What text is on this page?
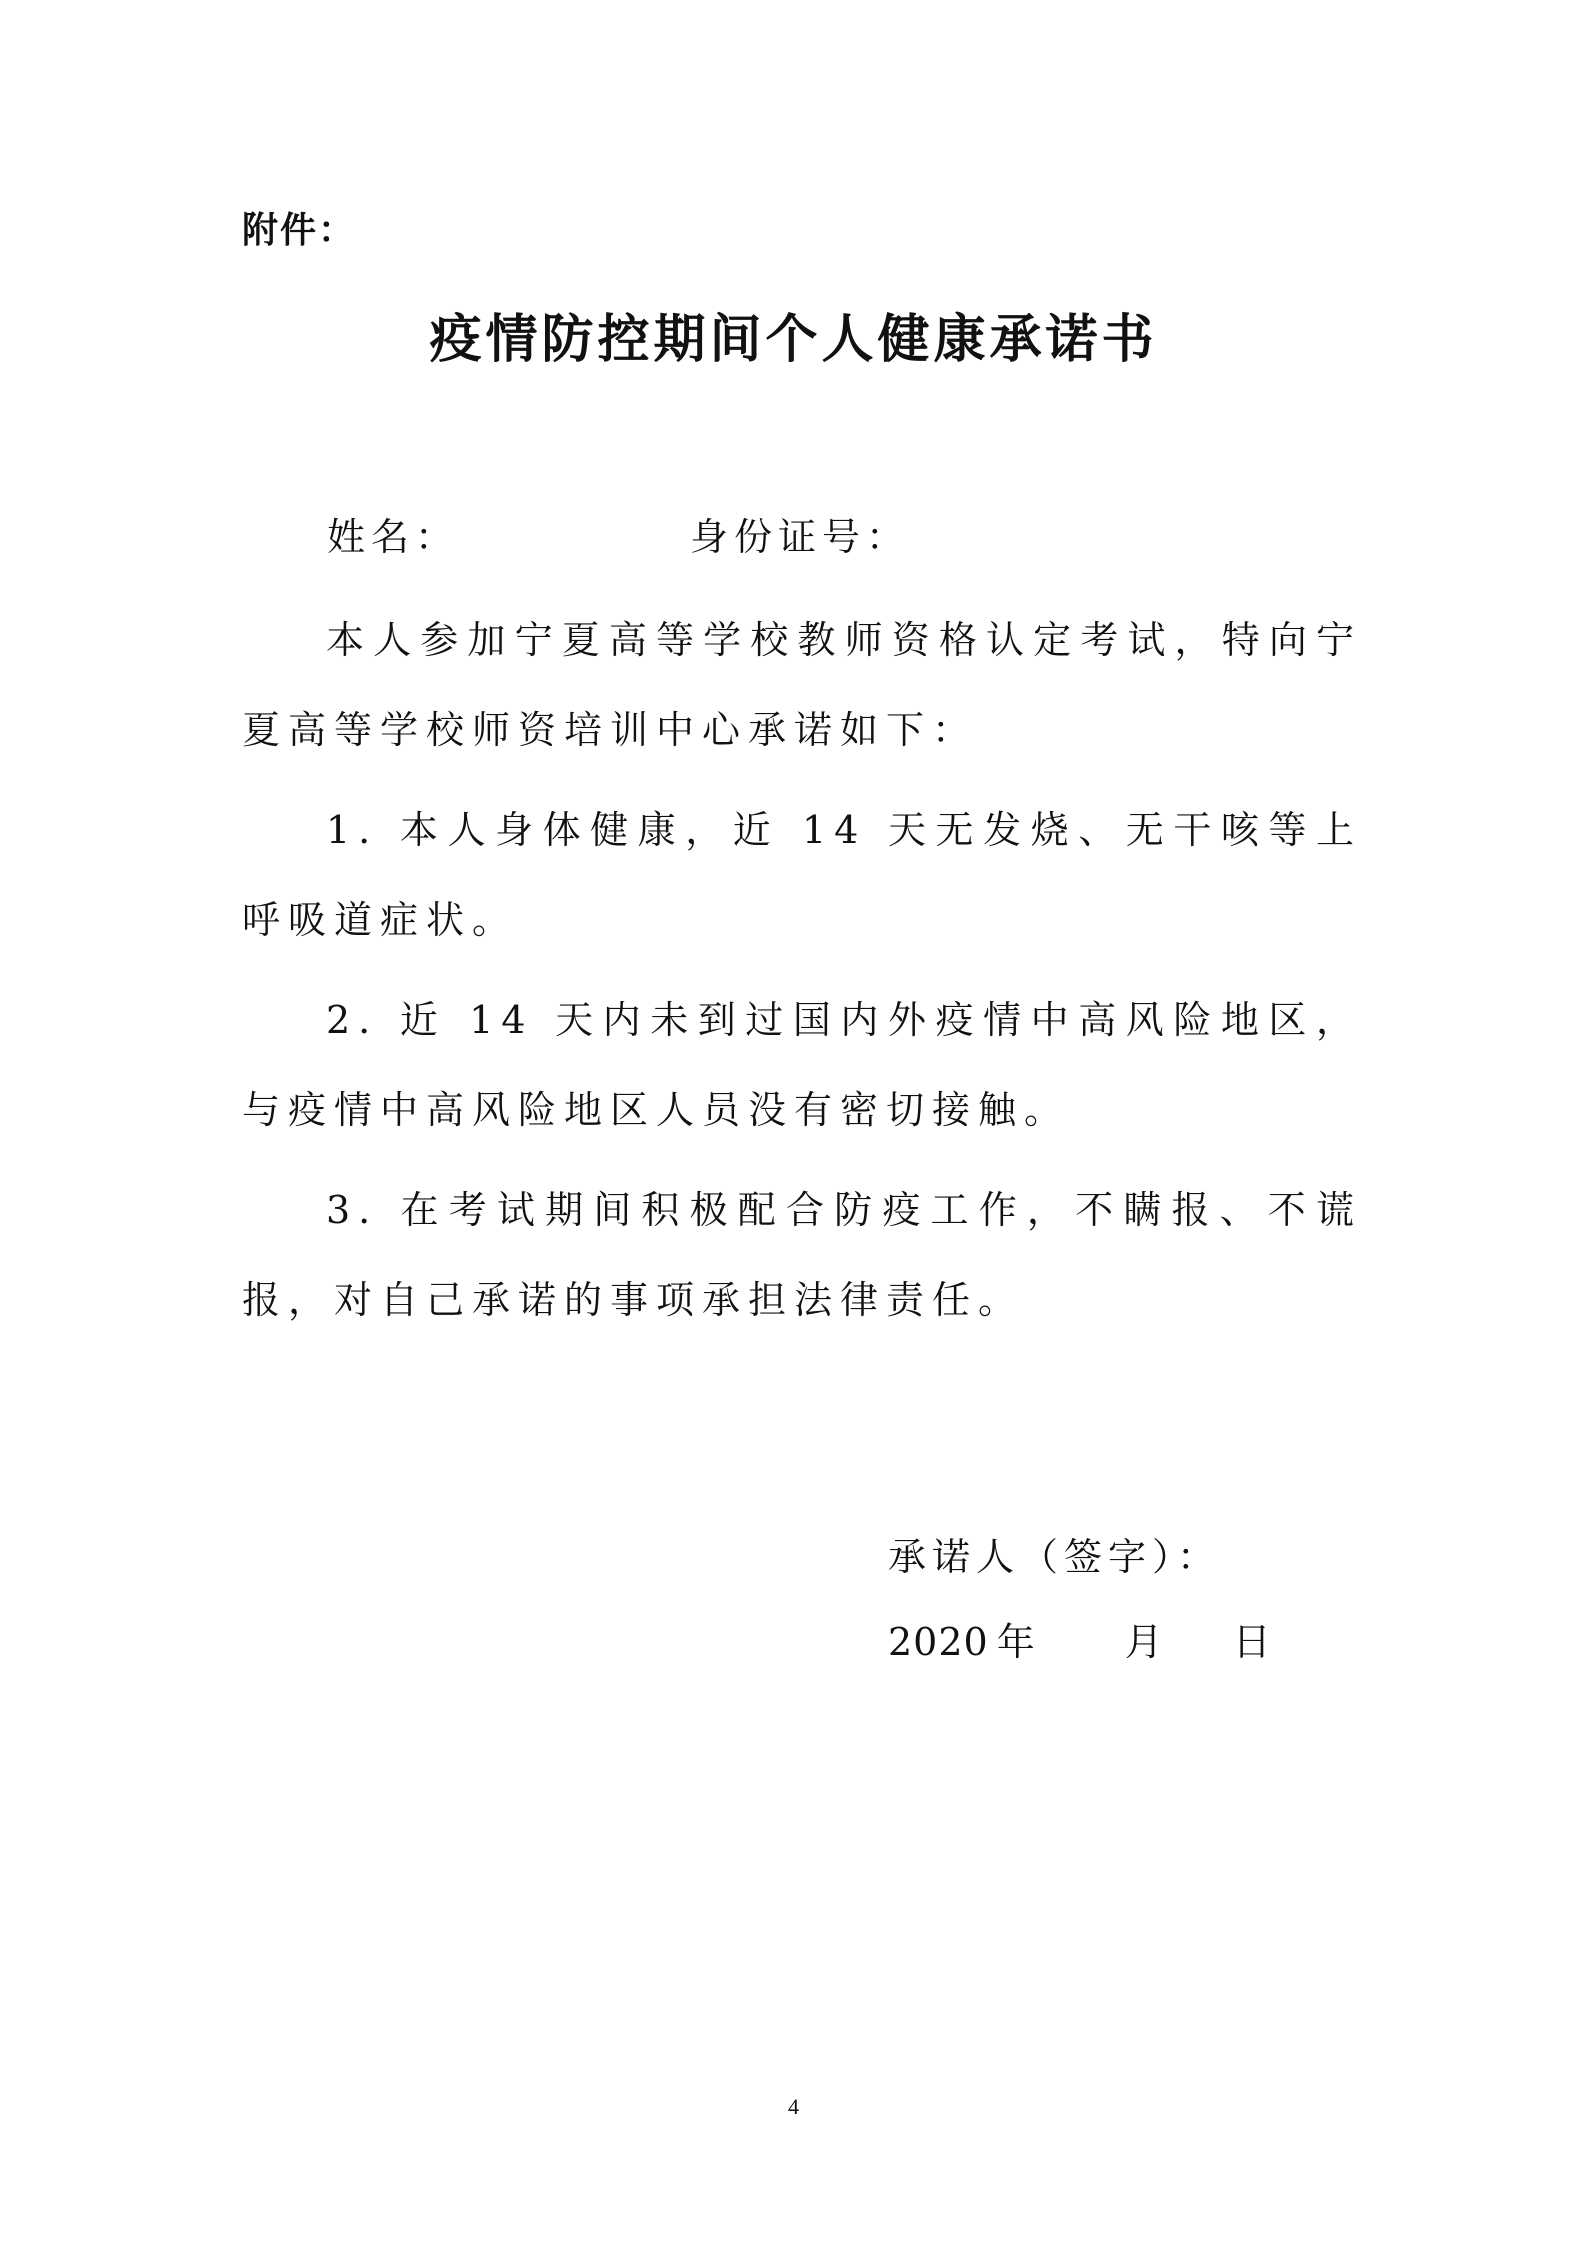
附件：
疫情防控期间个人健康承诺书
姓名：	身份证号：

本人参加宁夏高等学校教师资格认定考试，特向宁夏高等学校师资培训中心承诺如下：

1. 本人身体健康，近 14 天无发烧、无干咳等上呼吸道症状。

2. 近 14 天内未到过国内外疫情中高风险地区，与疫情中高风险地区人员没有密切接触。

3. 在考试期间积极配合防疫工作，不瞒报、不谎报，对自己承诺的事项承担法律责任。

承诺人（签字）：
2020 年 月 日
4
